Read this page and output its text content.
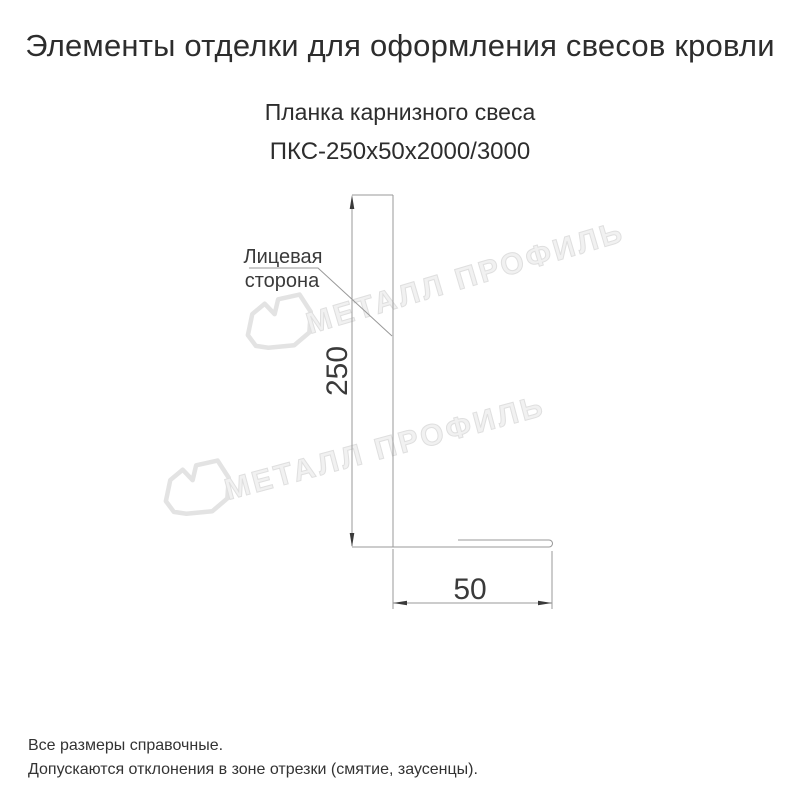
Элементы отделки для оформления свесов кровли
Планка карнизного свеса
ПКС-250х50х2000/3000
МЕТАЛЛ ПРОФИЛЬ
МЕТАЛЛ ПРОФИЛЬ
250
50
Лицевая
сторона
Все размеры справочные.
Допускаются отклонения в зоне отрезки (смятие, заусенцы).
